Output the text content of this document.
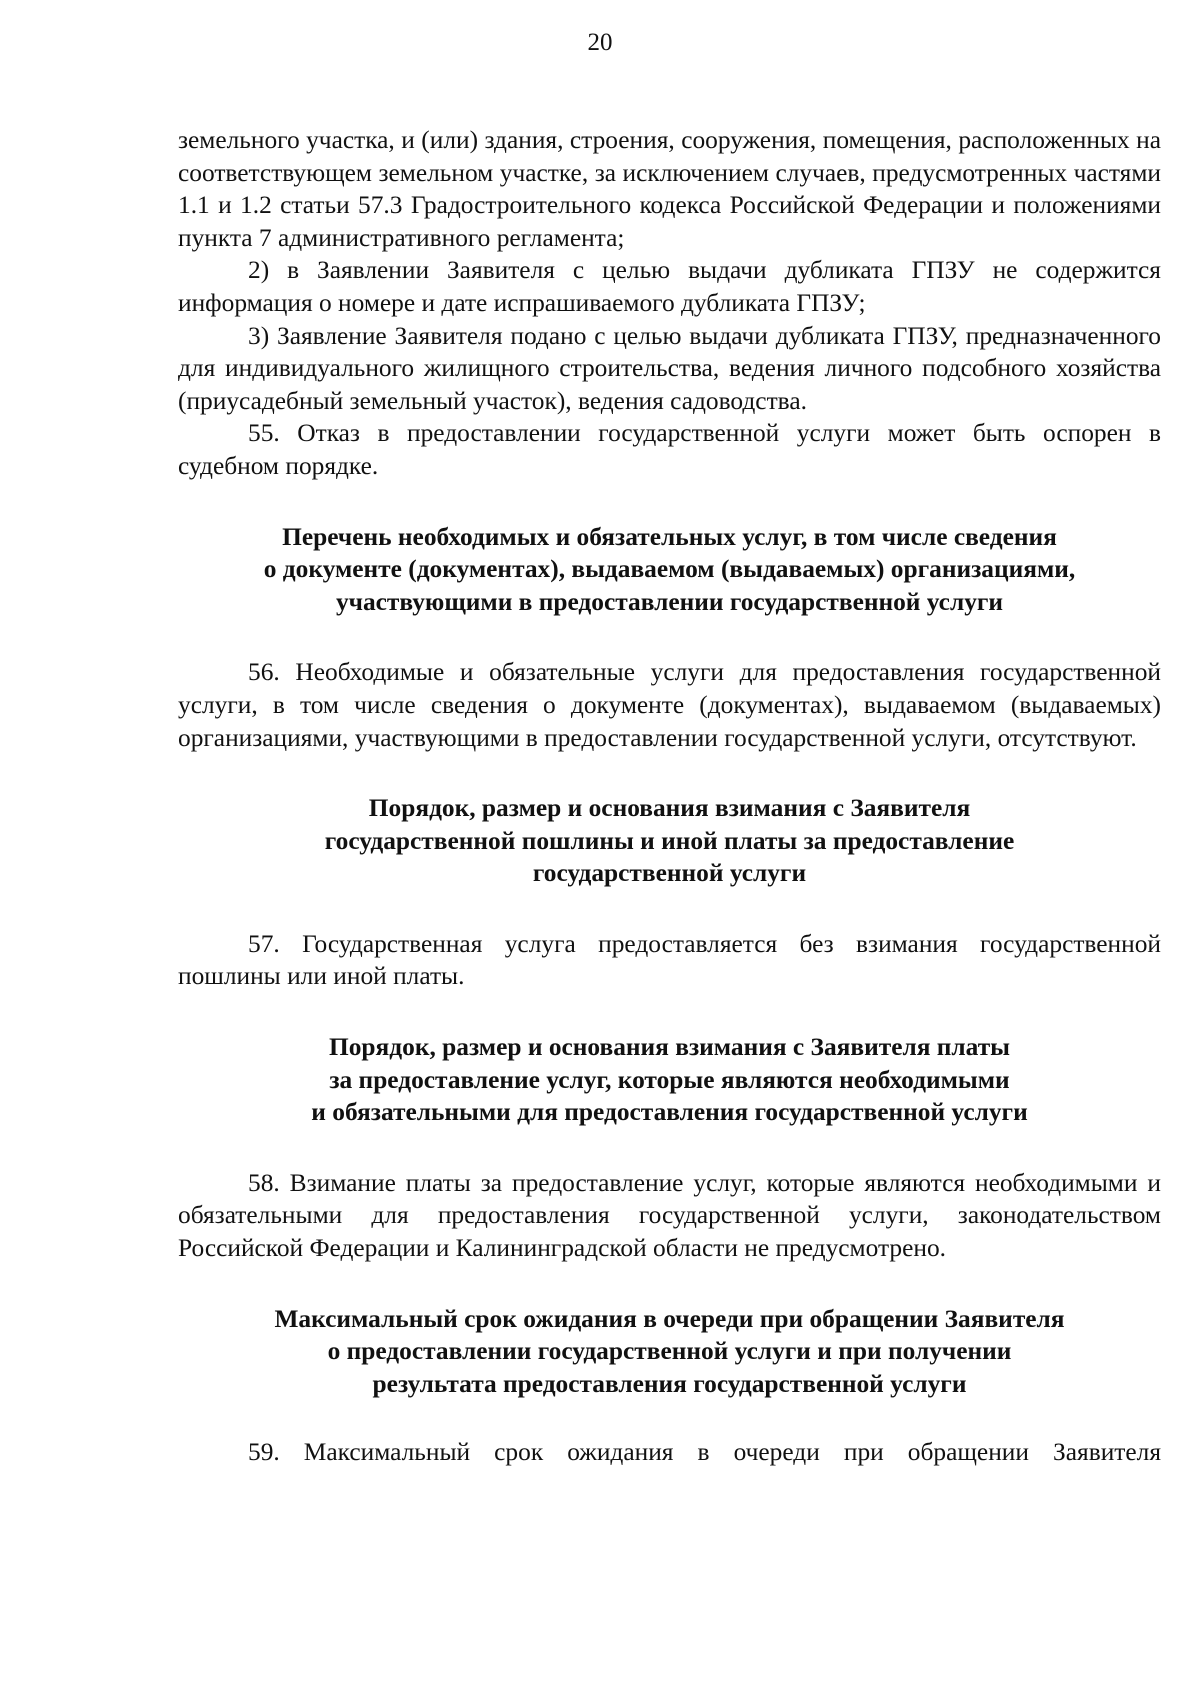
20

земельного участка, и (или) здания, строения, сооружения, помещения, расположенных на соответствующем земельном участке, за исключением случаев, предусмотренных частями 1.1 и 1.2 статьи 57.3 Градостроительного кодекса Российской Федерации и положениями пункта 7 административного регламента;

2) в Заявлении Заявителя с целью выдачи дубликата ГПЗУ не содержится информация о номере и дате испрашиваемого дубликата ГПЗУ;

3) Заявление Заявителя подано с целью выдачи дубликата ГПЗУ, предназначенного для индивидуального жилищного строительства, ведения личного подсобного хозяйства (приусадебный земельный участок), ведения садоводства.

55. Отказ в предоставлении государственной услуги может быть оспорен в судебном порядке.

Перечень необходимых и обязательных услуг, в том числе сведения

о документе (документах), выдаваемом (выдаваемых) организациями,

участвующими в предоставлении государственной услуги

56. Необходимые и обязательные услуги для предоставления государственной услуги, в том числе сведения о документе (документах), выдаваемом (выдаваемых) организациями, участвующими в предоставлении государственной услуги, отсутствуют.

Порядок, размер и основания взимания с Заявителя

государственной пошлины и иной платы за предоставление

государственной услуги

57. Государственная услуга предоставляется без взимания государственной пошлины или иной платы.

Порядок, размер и основания взимания с Заявителя платы

за предоставление услуг, которые являются необходимыми

и обязательными для предоставления государственной услуги

58. Взимание платы за предоставление услуг, которые являются необходимыми и обязательными для предоставления государственной услуги, законодательством Российской Федерации и Калининградской области не предусмотрено.

Максимальный срок ожидания в очереди при обращении Заявителя

о предоставлении государственной услуги и при получении

результата предоставления государственной услуги

59. Максимальный срок ожидания в очереди при обращении Заявителя
